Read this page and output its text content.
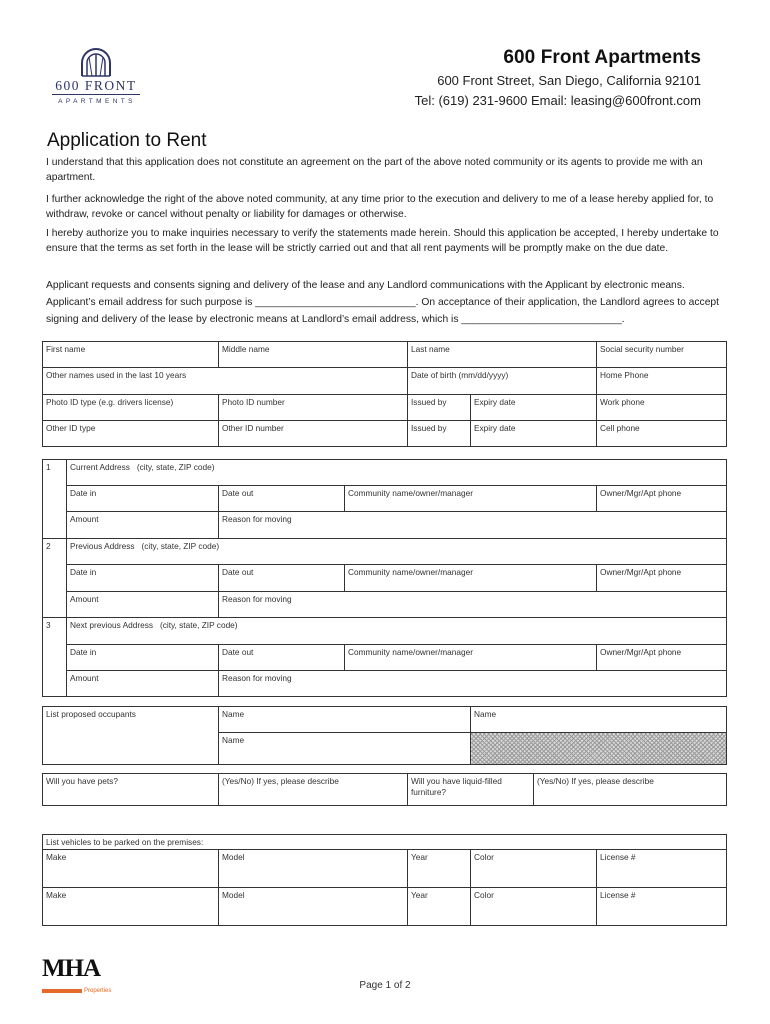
600 FRONT
APARTMENTS
600 Front Apartments
600 Front Street, San Diego, California 92101
Tel: (619) 231-9600 Email: leasing@600front.com
Application to Rent
I understand that this application does not constitute an agreement on the part of the above noted community or its agents to provide me with an apartment.
I further acknowledge the right of the above noted community, at any time prior to the execution and delivery to me of a lease hereby applied for, to withdraw, revoke or cancel without penalty or liability for damages or otherwise.
I hereby authorize you to make inquiries necessary to verify the statements made herein. Should this application be accepted, I hereby undertake to ensure that the terms as set forth in the lease will be strictly carried out and that all rent payments will be promptly make on the due date.
Applicant requests and consents signing and delivery of the lease and any Landlord communications with the Applicant by electronic means. Applicant’s email address for such purpose is ____________________________. On acceptance of their application, the Landlord agrees to accept signing and delivery of the lease by electronic means at Landlord’s email address, which is ____________________________.
First name	Middle name	Last name		Social security number
Other names used in the last 10 years		Date of birth (mm/dd/yyyy)		Home Phone
Photo ID type (e.g. drivers license)	Photo ID number	Issued by	Expiry date	Work phone
Other ID type	Other ID number	Issued by	Expiry date	Cell phone
1	Current Address (city, state, ZIP code)			
	Date in	Date out	Community name/owner/manager	Owner/Mgr/Apt phone
	Amount	Reason for moving		
2	Previous Address (city, state, ZIP code)			
	Date in	Date out	Community name/owner/manager	Owner/Mgr/Apt phone
	Amount	Reason for moving		
3	Next previous Address (city, state, ZIP code)			
	Date in	Date out	Community name/owner/manager	Owner/Mgr/Apt phone
	Amount	Reason for moving		
List proposed occupants	Name	Name
	Name	
Will you have pets?	(Yes/No) If yes, please describe	Will you have liquid-filled furniture?	(Yes/No) If yes, please describe
List vehicles to be parked on the premises:				
Make	Model	Year	Color	License #
Make	Model	Year	Color	License #
MHA
Properties	Page 1 of 2
